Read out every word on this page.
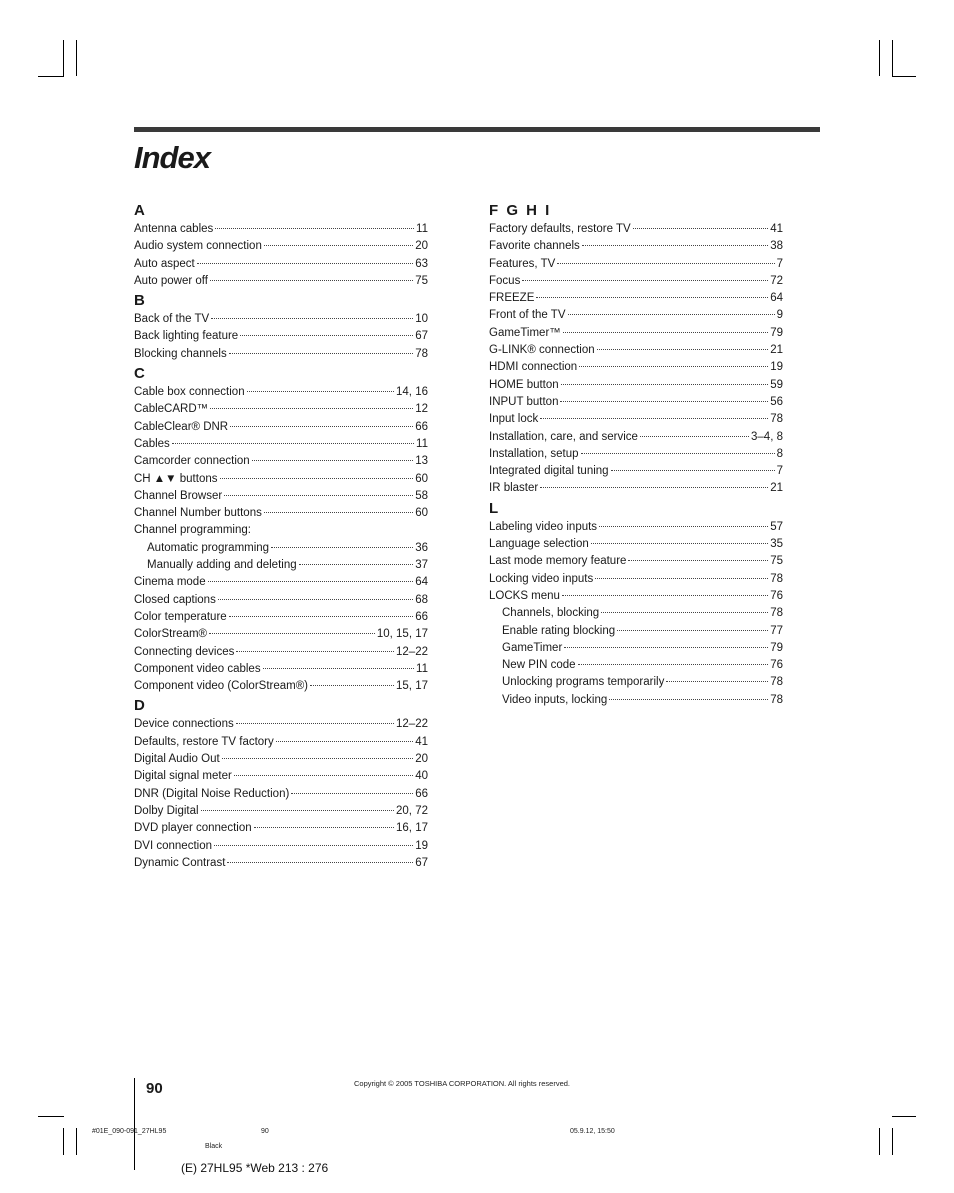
Index
A
Antenna cables	11
Audio system connection	20
Auto aspect	63
Auto power off	75
B
Back of the TV	10
Back lighting feature	67
Blocking channels	78
C
Cable box connection	14, 16
CableCARD™	12
CableClear® DNR	66
Cables	11
Camcorder connection	13
CH ▲▼ buttons	60
Channel Browser	58
Channel Number buttons	60
Channel programming:
Automatic programming	36
Manually adding and deleting	37
Cinema mode	64
Closed captions	68
Color temperature	66
ColorStream®	10, 15, 17
Connecting devices	12–22
Component video cables	11
Component video (ColorStream®)	15, 17
D
Device connections	12–22
Defaults, restore TV factory	41
Digital Audio Out	20
Digital signal meter	40
DNR (Digital Noise Reduction)	66
Dolby Digital	20, 72
DVD player connection	16, 17
DVI connection	19
Dynamic Contrast	67
F G H I
Factory defaults, restore TV	41
Favorite channels	38
Features, TV	7
Focus	72
FREEZE	64
Front of the TV	9
GameTimer™	79
G-LINK® connection	21
HDMI connection	19
HOME button	59
INPUT button	56
Input lock	78
Installation, care, and service	3–4, 8
Installation, setup	8
Integrated digital tuning	7
IR blaster	21
L
Labeling video inputs	57
Language selection	35
Last mode memory feature	75
Locking video inputs	78
LOCKS menu	76
Channels, blocking	78
Enable rating blocking	77
GameTimer	79
New PIN code	76
Unlocking programs temporarily	78
Video inputs, locking	78
90	Copyright © 2005 TOSHIBA CORPORATION. All rights reserved.
#01E_090-091_27HL95	90	05.9.12, 15:50
Black
(E) 27HL95 *Web 213 : 276
